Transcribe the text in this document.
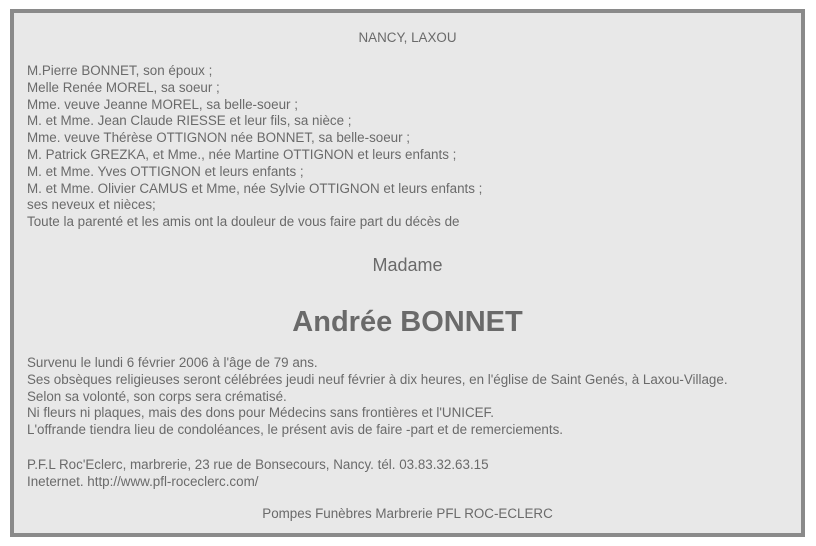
NANCY, LAXOU
M.Pierre BONNET, son époux ;
Melle Renée MOREL, sa soeur ;
Mme. veuve Jeanne MOREL, sa belle-soeur ;
M. et Mme. Jean Claude RIESSE et leur fils, sa nièce ;
Mme. veuve Thérèse OTTIGNON née BONNET, sa belle-soeur ;
M. Patrick GREZKA, et Mme., née Martine OTTIGNON et leurs enfants ;
M. et Mme. Yves OTTIGNON et leurs enfants ;
M. et Mme. Olivier CAMUS et Mme, née Sylvie OTTIGNON et leurs enfants ;
ses neveux et nièces;
Toute la parenté et les amis ont la douleur de vous faire part du décès de
Madame
Andrée BONNET
Survenu le lundi 6 février 2006 à l'âge de 79 ans.
Ses obsèques religieuses seront célébrées jeudi neuf février à dix heures, en l'église de Saint Genés, à Laxou-Village.
Selon sa volonté, son corps sera crématisé.
Ni fleurs ni plaques, mais des dons pour Médecins sans frontières et l'UNICEF.
L'offrande tiendra lieu de condoléances, le présent avis de faire -part et de remerciements.
P.F.L Roc'Eclerc, marbrerie, 23 rue de Bonsecours, Nancy. tél. 03.83.32.63.15
Ineternet. http://www.pfl-roceclerc.com/
Pompes Funèbres Marbrerie PFL ROC-ECLERC
